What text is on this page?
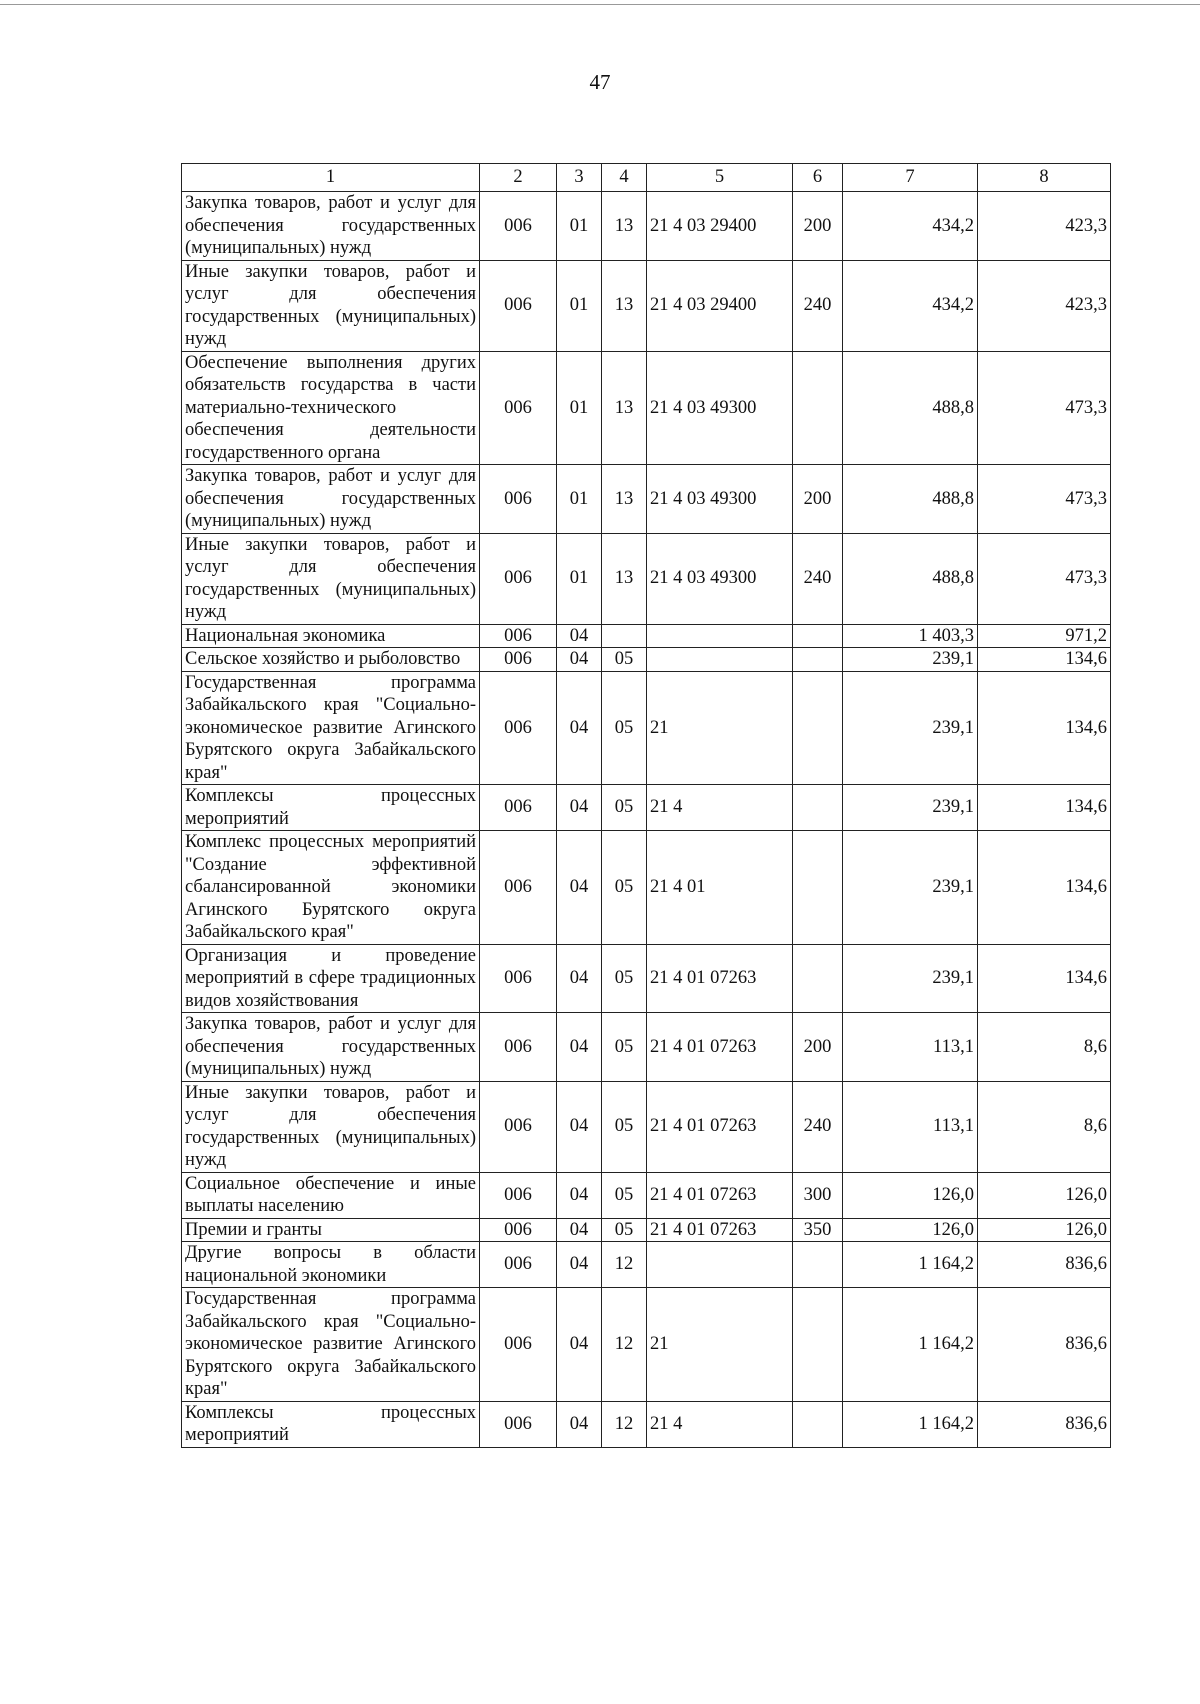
47
1	2	3	4	5	6	7	8
Закупка товаров, работ и услуг для обеспечения государственных (муниципальных) нужд	006	01	13	21 4 03 29400	200	434,2	423,3
Иные закупки товаров, работ и услуг для обеспечения государственных (муниципальных) нужд	006	01	13	21 4 03 29400	240	434,2	423,3
Обеспечение выполнения других обязательств государства в части материально-технического обеспечения деятельности государственного органа	006	01	13	21 4 03 49300		488,8	473,3
Закупка товаров, работ и услуг для обеспечения государственных (муниципальных) нужд	006	01	13	21 4 03 49300	200	488,8	473,3
Иные закупки товаров, работ и услуг для обеспечения государственных (муниципальных) нужд	006	01	13	21 4 03 49300	240	488,8	473,3
Национальная экономика	006	04				1 403,3	971,2
Сельское хозяйство и рыболовство	006	04	05			239,1	134,6
Государственная программа Забайкальского края "Социально-экономическое развитие Агинского Бурятского округа Забайкальского края"	006	04	05	21		239,1	134,6
Комплексы процессных мероприятий	006	04	05	21 4		239,1	134,6
Комплекс процессных мероприятий "Создание эффективной сбалансированной экономики Агинского Бурятского округа Забайкальского края"	006	04	05	21 4 01		239,1	134,6
Организация и проведение мероприятий в сфере традиционных видов хозяйствования	006	04	05	21 4 01 07263		239,1	134,6
Закупка товаров, работ и услуг для обеспечения государственных (муниципальных) нужд	006	04	05	21 4 01 07263	200	113,1	8,6
Иные закупки товаров, работ и услуг для обеспечения государственных (муниципальных) нужд	006	04	05	21 4 01 07263	240	113,1	8,6
Социальное обеспечение и иные выплаты населению	006	04	05	21 4 01 07263	300	126,0	126,0
Премии и гранты	006	04	05	21 4 01 07263	350	126,0	126,0
Другие вопросы в области национальной экономики	006	04	12			1 164,2	836,6
Государственная программа Забайкальского края "Социально-экономическое развитие Агинского Бурятского округа Забайкальского края"	006	04	12	21		1 164,2	836,6
Комплексы процессных мероприятий	006	04	12	21 4		1 164,2	836,6
